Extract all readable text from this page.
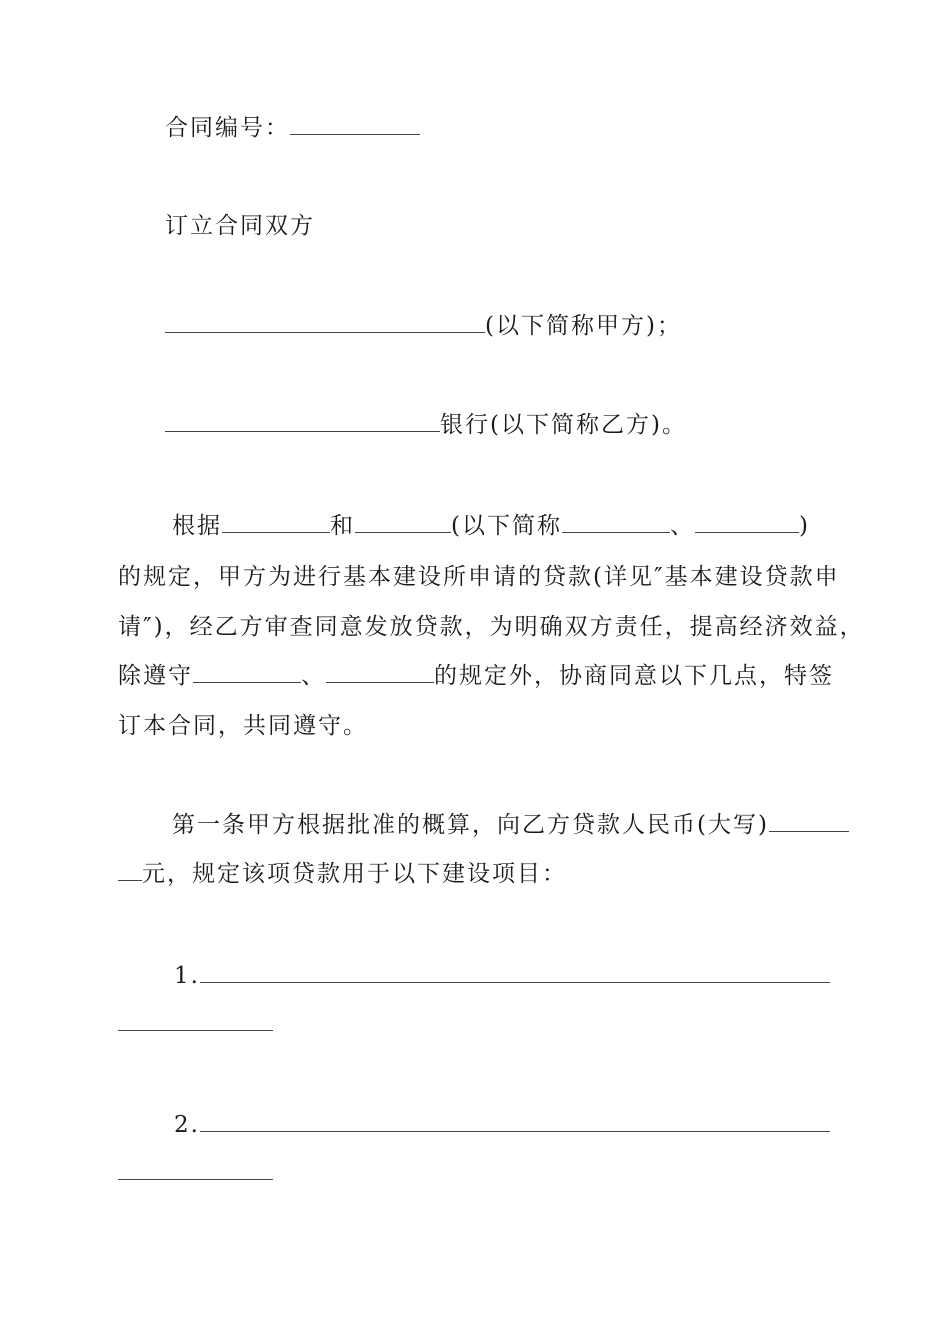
合同编号：
订立合同双方
(以下简称甲方)；
银行(以下简称乙方)。
根据	和	(以下简称	、	)
的规定，甲方为进行基本建设所申请的贷款(详见″基本建设贷款申
请″)，经乙方审查同意发放贷款，为明确双方责任，提高经济效益，
除遵守	、	的规定外，协商同意以下几点，特签
订本合同，共同遵守。
第一条甲方根据批准的概算，向乙方贷款人民币(大写)
元，规定该项贷款用于以下建设项目：
1.
2.
